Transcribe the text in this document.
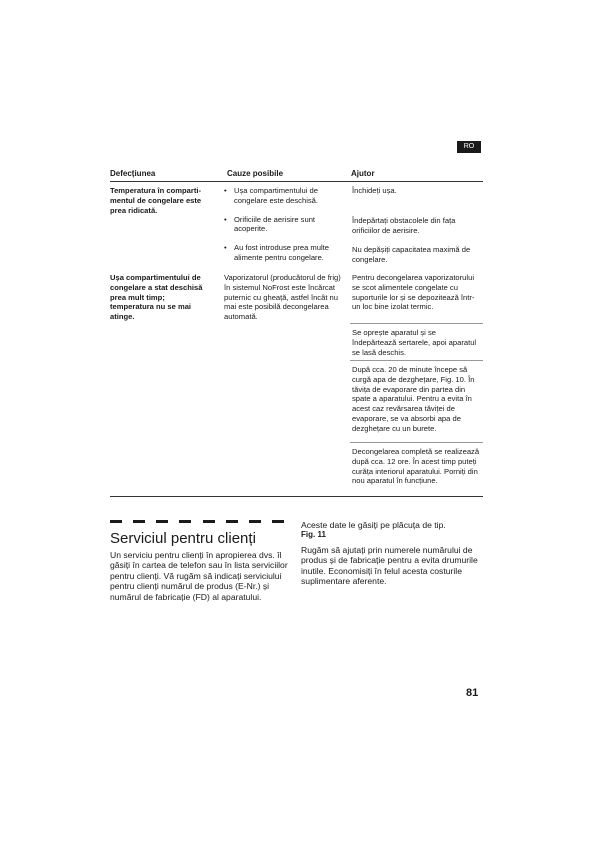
RO
Defecțiunea	Cauze posibile	Ajutor
Temperatura în comparti-mentul de congelare este prea ridicată.
• Ușa compartimentului de congelare este deschisă.
• Orificiile de aerisire sunt acoperite.
• Au fost introduse prea multe alimente pentru congelare.
Închideți ușa.
Îndepărtați obstacolele din fața orificiilor de aerisire.
Nu depășiți capacitatea maximă de congelare.
Ușa compartimentului de congelare a stat deschisă prea mult timp; temperatura nu se mai atinge.
Vaporizatorul (producătorul de frig) în sistemul NoFrost este încărcat puternic cu gheață, astfel încât nu mai este posibilă decongelarea automată.
Pentru decongelarea vaporizatorului se scot alimentele congelate cu suporturile lor și se depozitează într-un loc bine izolat termic.
Se oprește aparatul și se îndepărtează sertarele, apoi aparatul se lasă deschis.
După cca. 20 de minute începe să curgă apa de dezghețare, Fig. 10. În tăvița de evaporare din partea din spate a aparatului. Pentru a evita în acest caz revărsarea tăviței de evaporare, se va absorbi apa de dezghețare cu un burete.
Decongelarea completă se realizează după cca. 12 ore. În acest timp puteți curăța interiorul aparatului. Porniți din nou aparatul în funcțiune.
Serviciul pentru clienți
Un serviciu pentru clienți în apropierea dvs. îl găsiți în cartea de telefon sau în lista serviciilor pentru clienți. Vă rugăm să indicați serviciului pentru clienți numărul de produs (E-Nr.) și numărul de fabricație (FD) al aparatului.
Aceste date le găsiți pe plăcuța de tip.
Fig. 11
Rugăm să ajutați prin numerele numărului de produs și de fabricație pentru a evita drumurile inutile. Economisiți în felul acesta costurile suplimentare aferente.
81
